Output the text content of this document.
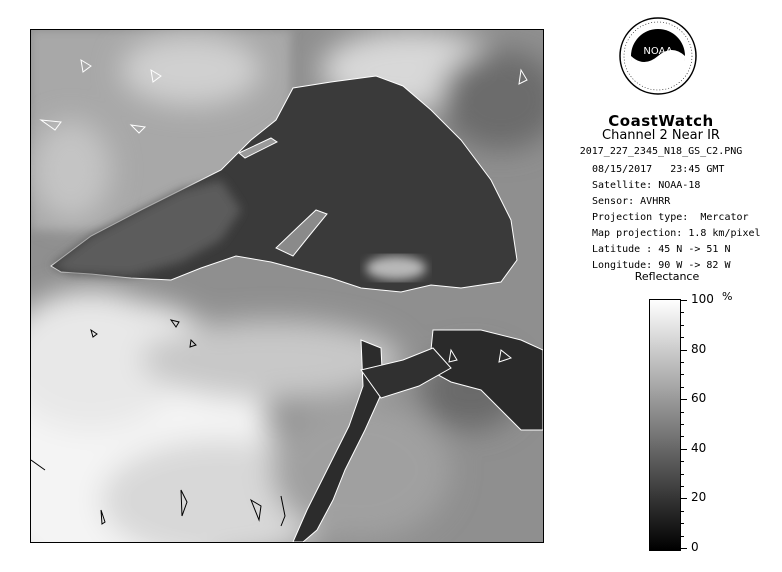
NOAA
CoastWatch
Channel 2 Near IR
2017_227_2345_N18_GS_C2.PNG
08/15/2017   23:45 GMT
Satellite: NOAA-18
Sensor: AVHRR
Projection type:  Mercator
Map projection: 1.8 km/pixel
Latitude : 45 N -> 51 N
Longitude: 90 W -> 82 W
Reflectance
%
100
80
60
40
20
0
